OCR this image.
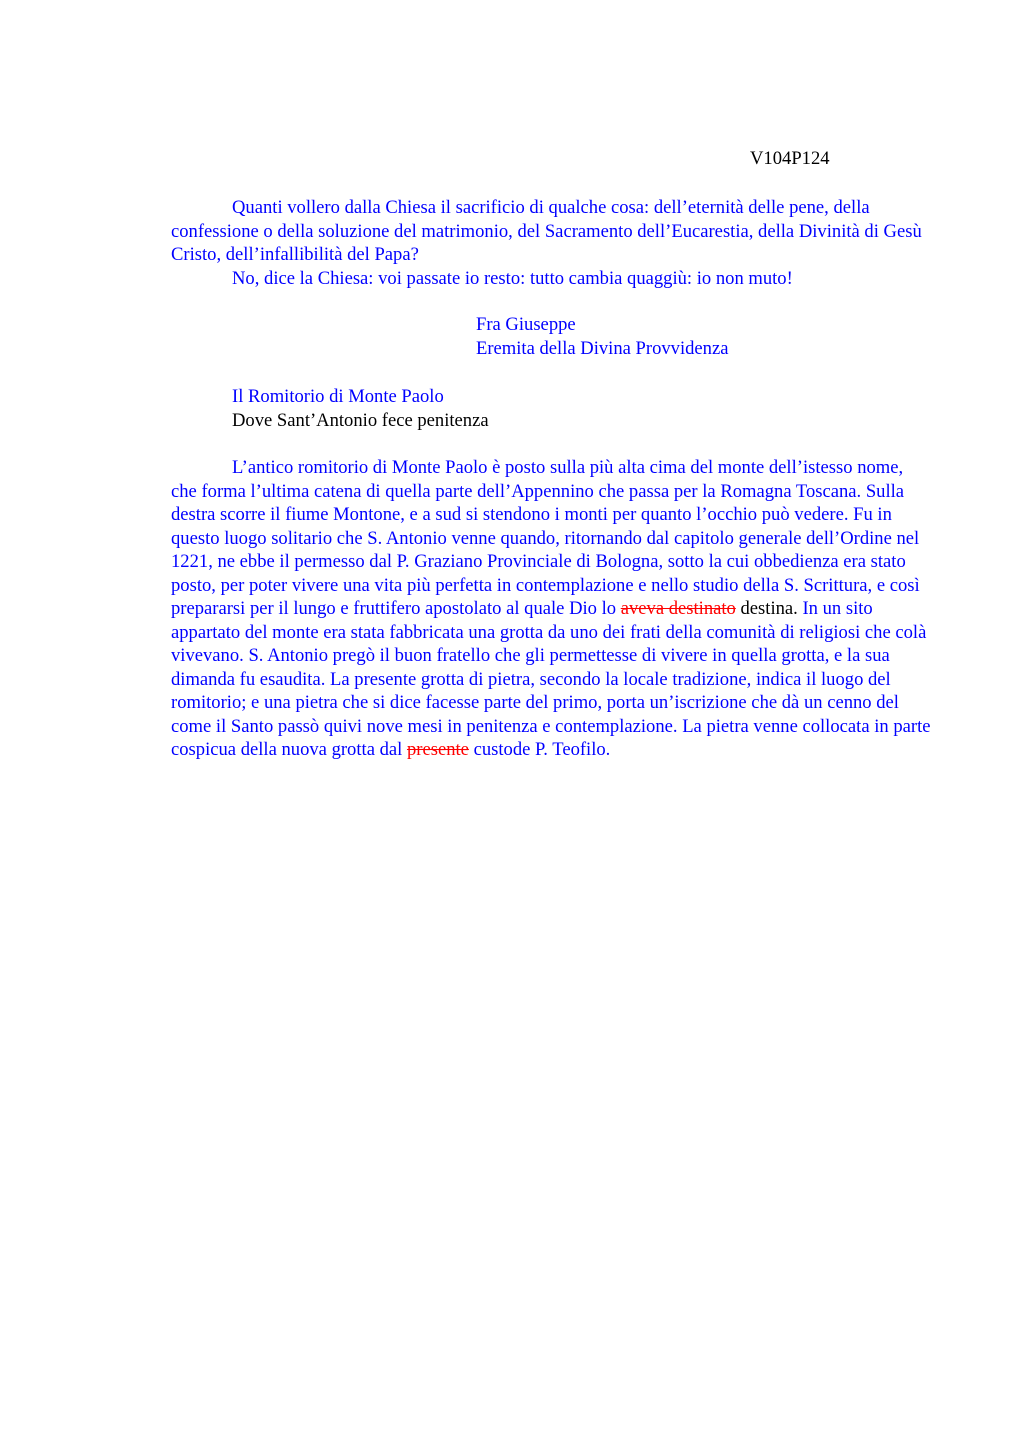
V104P124

Quanti vollero dalla Chiesa il sacrificio di qualche cosa: dell’eternità delle pene, della confessione o della soluzione del matrimonio, del Sacramento dell’Eucarestia, della Divinità di Gesù Cristo, dell’infallibilità del Papa?

No, dice la Chiesa: voi passate io resto: tutto cambia quaggiù: io non muto!

Fra Giuseppe
Eremita della Divina Provvidenza
Il Romitorio di Monte Paolo
Dove Sant’Antonio fece penitenza

L’antico romitorio di Monte Paolo è posto sulla più alta cima del monte dell’istesso nome, che forma l’ultima catena di quella parte dell’Appennino che passa per la Romagna Toscana. Sulla destra scorre il fiume Montone, e a sud si stendono i monti per quanto l’occhio può vedere. Fu in questo luogo solitario che S. Antonio venne quando, ritornando dal capitolo generale dell’Ordine nel 1221, ne ebbe il permesso dal P. Graziano Provinciale di Bologna, sotto la cui obbedienza era stato posto, per poter vivere una vita più perfetta in contemplazione e nello studio della S. Scrittura, e così prepararsi per il lungo e fruttifero apostolato al quale Dio lo aveva destinato destina. In un sito appartato del monte era stata fabbricata una grotta da uno dei frati della comunità di religiosi che colà vivevano. S. Antonio pregò il buon fratello che gli permettesse di vivere in quella grotta, e la sua dimanda fu esaudita. La presente grotta di pietra, secondo la locale tradizione, indica il luogo del romitorio; e una pietra che si dice facesse parte del primo, porta un’iscrizione che dà un cenno del come il Santo passò quivi nove mesi in penitenza e contemplazione. La pietra venne collocata in parte cospicua della nuova grotta dal presente custode P. Teofilo.
